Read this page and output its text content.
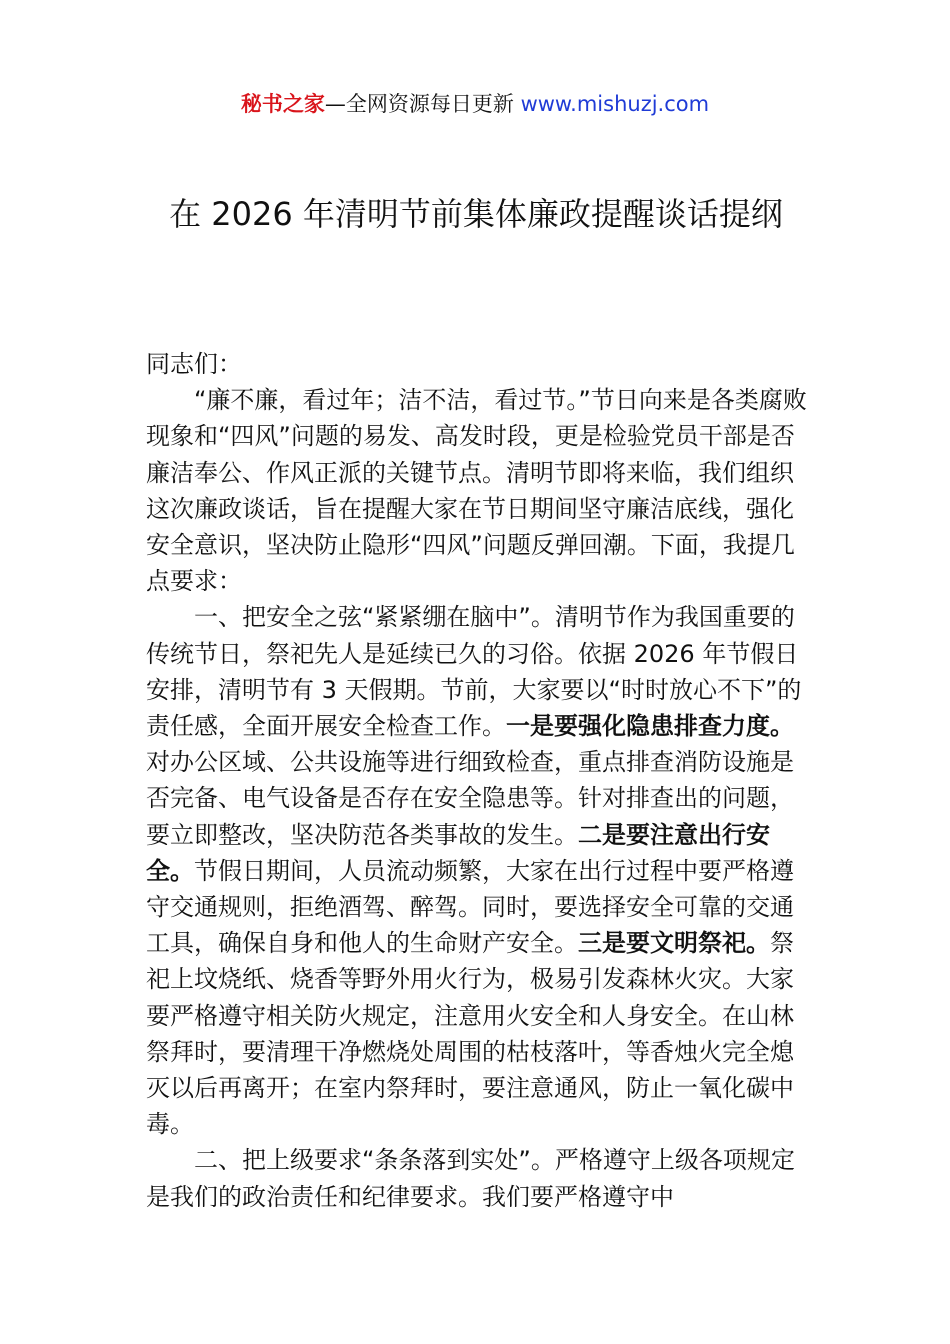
秘书之家—全网资源每日更新 www.mishuzj.com
在 2026 年清明节前集体廉政提醒谈话提纲

同志们：

“廉不廉，看过年；洁不洁，看过节。”节日向来是各类腐败现象和“四风”问题的易发、高发时段，更是检验党员干部是否廉洁奉公、作风正派的关键节点。清明节即将来临，我们组织这次廉政谈话，旨在提醒大家在节日期间坚守廉洁底线，强化安全意识，坚决防止隐形“四风”问题反弹回潮。下面，我提几点要求：

一、把安全之弦“紧紧绷在脑中”。清明节作为我国重要的传统节日，祭祀先人是延续已久的习俗。依据 2026 年节假日安排，清明节有 3 天假期。节前，大家要以“时时放心不下”的责任感，全面开展安全检查工作。一是要强化隐患排查力度。对办公区域、公共设施等进行细致检查，重点排查消防设施是否完备、电气设备是否存在安全隐患等。针对排查出的问题，要立即整改，坚决防范各类事故的发生。二是要注意出行安全。节假日期间，人员流动频繁，大家在出行过程中要严格遵守交通规则，拒绝酒驾、醉驾。同时，要选择安全可靠的交通工具，确保自身和他人的生命财产安全。三是要文明祭祀。祭祀上坟烧纸、烧香等野外用火行为，极易引发森林火灾。大家要严格遵守相关防火规定，注意用火安全和人身安全。在山林祭拜时，要清理干净燃烧处周围的枯枝落叶，等香烛火完全熄灭以后再离开；在室内祭拜时，要注意通风，防止一氧化碳中毒。

二、把上级要求“条条落到实处”。严格遵守上级各项规定是我们的政治责任和纪律要求。我们要严格遵守中
